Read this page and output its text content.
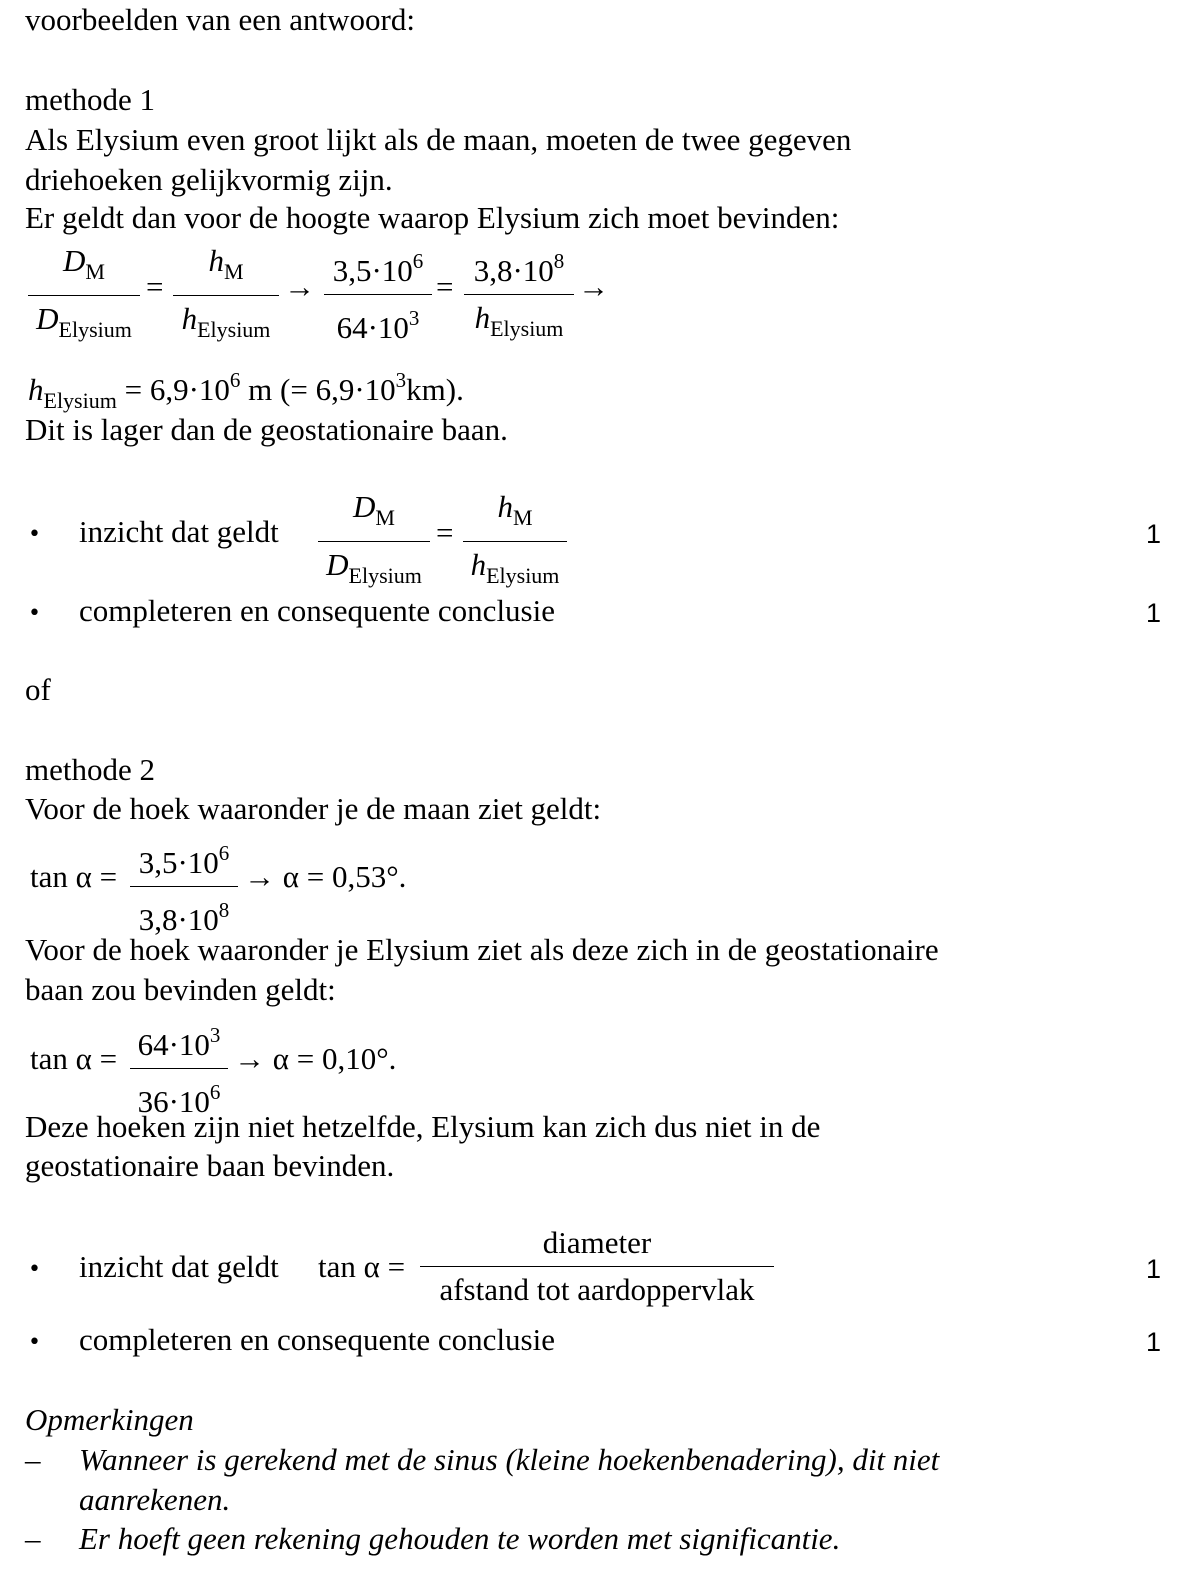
voorbeelden van een antwoord:
methode 1
Als Elysium even groot lijkt als de maan, moeten de twee gegeven
driehoeken gelijkvormig zijn.
Er geldt dan voor de hoogte waarop Elysium zich moet bevinden:
$D_M$
$D_{Elysium}$
=
$h_M$
$h_{Elysium}$
→ $\frac{3,5\cdot 10^6}{64\cdot 10^3} = 3,8\cdot 10^8$
$h_{Elysium}$
→
$h_{Elysium} = 6,9\cdot 10^6$ m (= $6,9\cdot 10^3km$).
Dit is lager dan de geostationaire baan.
• inzicht dat geldt
$D_M$
$D_{Elysium}$
=
$h_M$
$h_{Elysium}$
1
• completeren en consequente conclusie	1
of
methode 2
Voor de hoek waaronder je de maan ziet geldt:
$\tan \alpha = \frac{3,5\cdot 10^6}{3,8\cdot 10^8} \to \alpha = 0,53^\circ$.
Voor de hoek waaronder je Elysium ziet als deze zich in de geostationaire
baan zou bevinden geldt:
$\tan \alpha = \frac{64\cdot 10^3}{36\cdot 10^6} \to \alpha = 0,10^\circ$.
Deze hoeken zijn niet hetzelfde, Elysium kan zich dus niet in de
geostationaire baan bevinden.
• inzicht dat geldt tan α =
diameter
afstand tot aardoppervlak
1
• completeren en consequente conclusie	1
Opmerkingen
– Wanneer is gerekend met de sinus (kleine hoekenbenadering), dit niet
aanrekenen.
– Er hoeft geen rekening gehouden te worden met significantie.
